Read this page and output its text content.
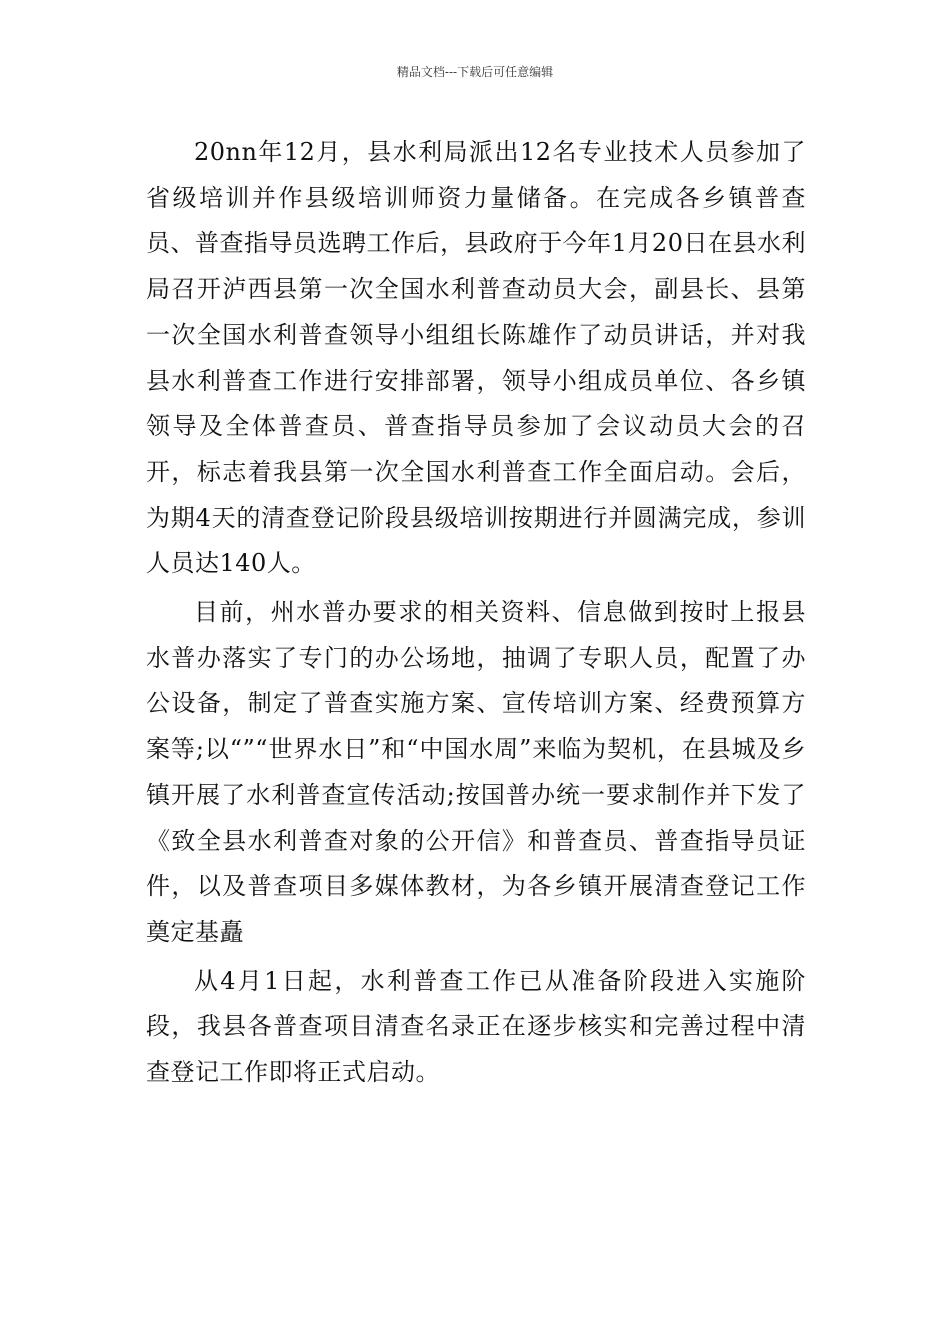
精品文档---下载后可任意编辑

20nn年12月，县水利局派出12名专业技术人员参加了省级培训并作县级培训师资力量储备。在完成各乡镇普查员、普查指导员选聘工作后，县政府于今年1月20日在县水利局召开泸西县第一次全国水利普查动员大会，副县长、县第一次全国水利普查领导小组组长陈雄作了动员讲话，并对我县水利普查工作进行安排部署，领导小组成员单位、各乡镇领导及全体普查员、普查指导员参加了会议动员大会的召开，标志着我县第一次全国水利普查工作全面启动。会后，为期4天的清查登记阶段县级培训按期进行并圆满完成，参训人员达140人。

目前，州水普办要求的相关资料、信息做到按时上报县水普办落实了专门的办公场地，抽调了专职人员，配置了办公设备，制定了普查实施方案、宣传培训方案、经费预算方案等;以“”“世界水日”和“中国水周”来临为契机，在县城及乡镇开展了水利普查宣传活动;按国普办统一要求制作并下发了《致全县水利普查对象的公开信》和普查员、普查指导员证件，以及普查项目多媒体教材，为各乡镇开展清查登记工作奠定基矗

从4月1日起，水利普查工作已从准备阶段进入实施阶段，我县各普查项目清查名录正在逐步核实和完善过程中清查登记工作即将正式启动。
